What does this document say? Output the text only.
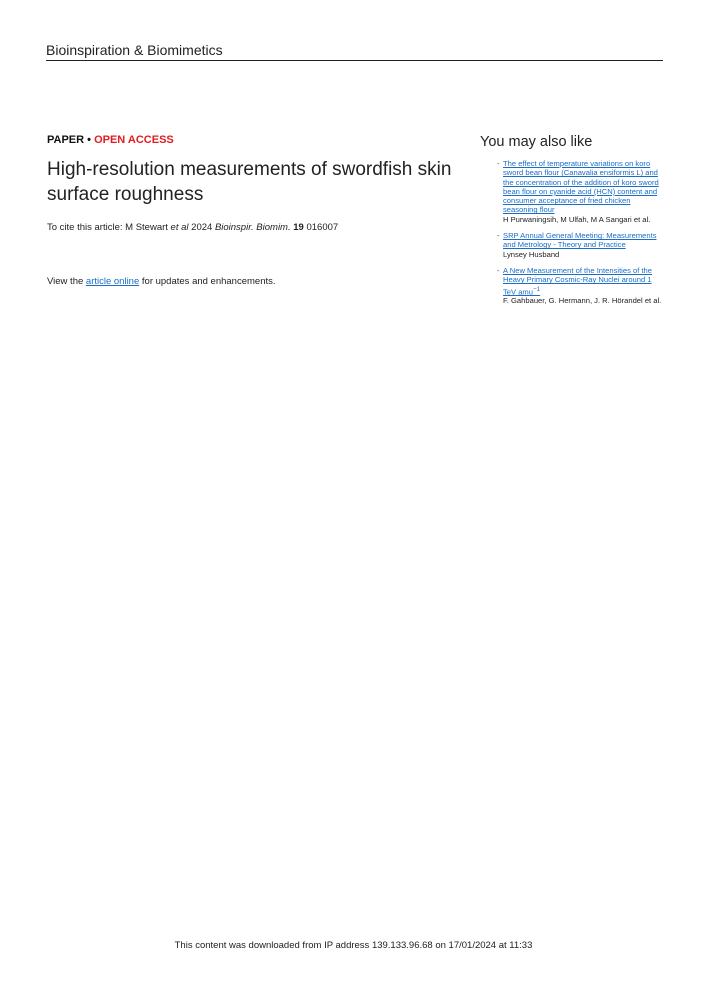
Bioinspiration & Biomimetics
PAPER • OPEN ACCESS
High-resolution measurements of swordfish skin surface roughness
To cite this article: M Stewart et al 2024 Bioinspir. Biomim. 19 016007
View the article online for updates and enhancements.
You may also like
- The effect of temperature variations on koro sword bean flour (Canavalia ensiformis L) and the concentration of the addition of koro sword bean flour on cyanide acid (HCN) content and consumer acceptance of fried chicken seasoning flour
H Purwaningsih, M Ulfah, M A Sangari et al.
- SRP Annual General Meeting: Measurements and Metrology - Theory and Practice
Lynsey Husband
- A New Measurement of the Intensities of the Heavy Primary Cosmic-Ray Nuclei around 1 TeV amu$^{-1}$
F. Gahbauer, G. Hermann, J. R. Hörandel et al.
This content was downloaded from IP address 139.133.96.68 on 17/01/2024 at 11:33
